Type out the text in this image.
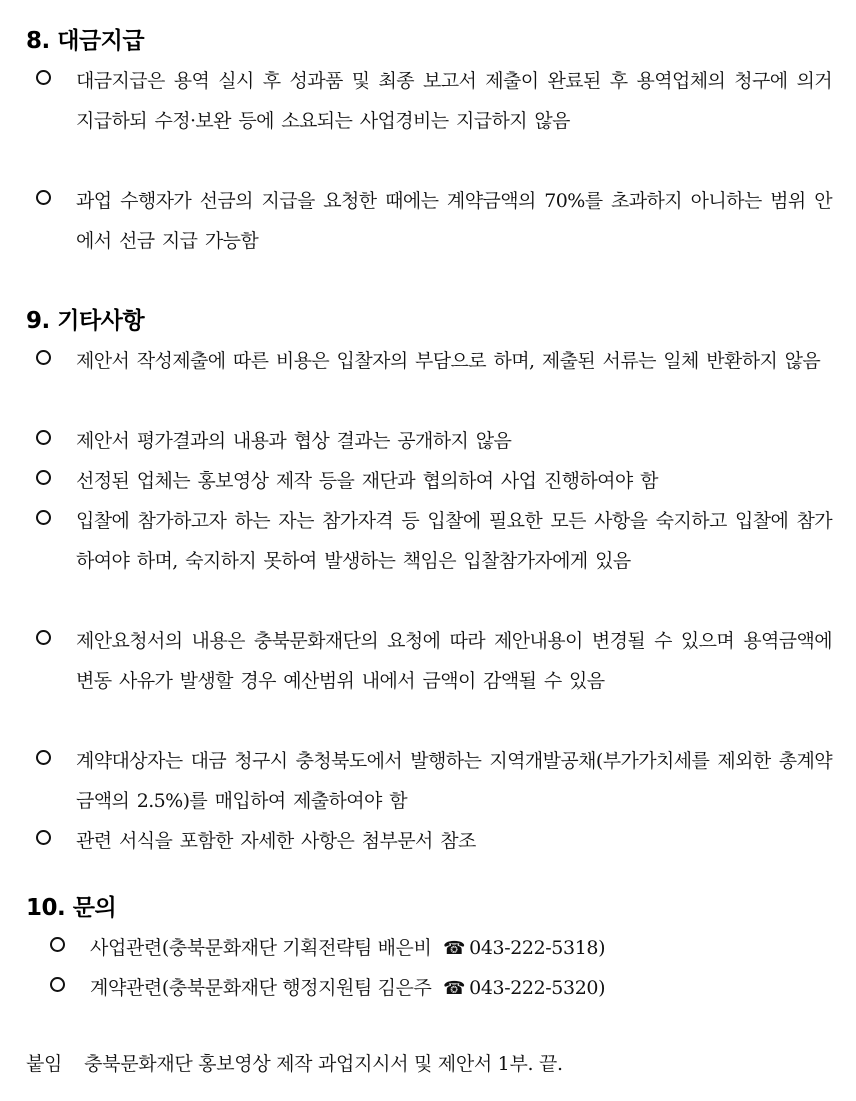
8. 대금지급
대금지급은 용역 실시 후 성과품 및 최종 보고서 제출이 완료된 후 용역업체의 청구에 의거 지급하되 수정·보완 등에 소요되는 사업경비는 지급하지 않음
과업 수행자가 선금의 지급을 요청한 때에는 계약금액의 70%를 초과하지 아니하는 범위 안에서 선금 지급 가능함
9. 기타사항
제안서 작성제출에 따른 비용은 입찰자의 부담으로 하며, 제출된 서류는 일체 반환하지 않음
제안서 평가결과의 내용과 협상 결과는 공개하지 않음
선정된 업체는 홍보영상 제작 등을 재단과 협의하여 사업 진행하여야 함
입찰에 참가하고자 하는 자는 참가자격 등 입찰에 필요한 모든 사항을 숙지하고 입찰에 참가하여야 하며, 숙지하지 못하여 발생하는 책임은 입찰참가자에게 있음
제안요청서의 내용은 충북문화재단의 요청에 따라 제안내용이 변경될 수 있으며 용역금액에 변동 사유가 발생할 경우 예산범위 내에서 금액이 감액될 수 있음
계약대상자는 대금 청구시 충청북도에서 발행하는 지역개발공채(부가가치세를 제외한 총계약금액의 2.5%)를 매입하여 제출하여야 함
관련 서식을 포함한 자세한 사항은 첨부문서 참조
10. 문의
사업관련(충북문화재단 기획전략팀 배은비 ☎ 043-222-5318)
계약관련(충북문화재단 행정지원팀 김은주 ☎ 043-222-5320)
붙임 충북문화재단 홍보영상 제작 과업지시서 및 제안서 1부. 끝.
